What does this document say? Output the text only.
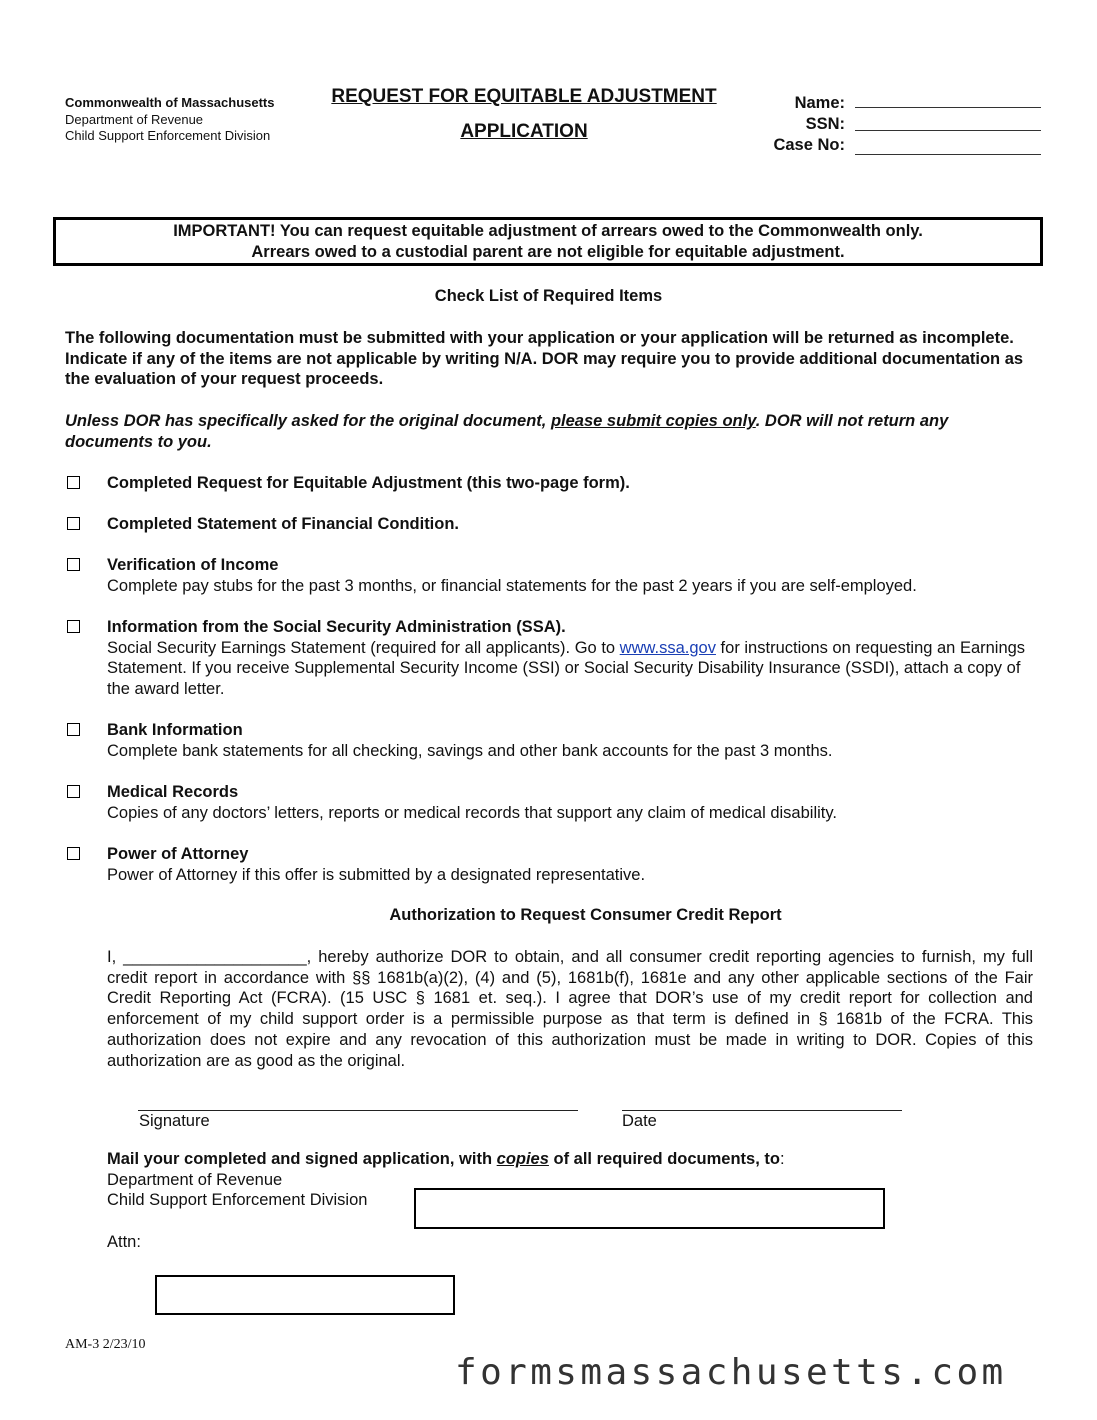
Commonwealth of Massachusetts
Department of Revenue
Child Support Enforcement Division
REQUEST FOR EQUITABLE ADJUSTMENT
APPLICATION
Name:
SSN:
Case No:
IMPORTANT! You can request equitable adjustment of arrears owed to the Commonwealth only.
Arrears owed to a custodial parent are not eligible for equitable adjustment.
Check List of Required Items
The following documentation must be submitted with your application or your application will be returned as incomplete. Indicate if any of the items are not applicable by writing N/A. DOR may require you to provide additional documentation as the evaluation of your request proceeds.
Unless DOR has specifically asked for the original document, please submit copies only. DOR will not return any documents to you.
Completed Request for Equitable Adjustment (this two-page form).
Completed Statement of Financial Condition.
Verification of Income
Complete pay stubs for the past 3 months, or financial statements for the past 2 years if you are self-employed.
Information from the Social Security Administration (SSA).
Social Security Earnings Statement (required for all applicants). Go to www.ssa.gov for instructions on requesting an Earnings Statement. If you receive Supplemental Security Income (SSI) or Social Security Disability Insurance (SSDI), attach a copy of the award letter.
Bank Information
Complete bank statements for all checking, savings and other bank accounts for the past 3 months.
Medical Records
Copies of any doctors’ letters, reports or medical records that support any claim of medical disability.
Power of Attorney
Power of Attorney if this offer is submitted by a designated representative.
Authorization to Request Consumer Credit Report
I, ____________________, hereby authorize DOR to obtain, and all consumer credit reporting agencies to furnish, my full credit report in accordance with §§ 1681b(a)(2), (4) and (5), 1681b(f), 1681e and any other applicable sections of the Fair Credit Reporting Act (FCRA). (15 USC § 1681 et. seq.). I agree that DOR’s use of my credit report for collection and enforcement of my child support order is a permissible purpose as that term is defined in § 1681b of the FCRA. This authorization does not expire and any revocation of this authorization must be made in writing to DOR. Copies of this authorization are as good as the original.
Signature	Date
Mail your completed and signed application, with copies of all required documents, to:
Department of Revenue
Child Support Enforcement Division
Attn:
AM-3 2/23/10
formsmassachusetts.com
